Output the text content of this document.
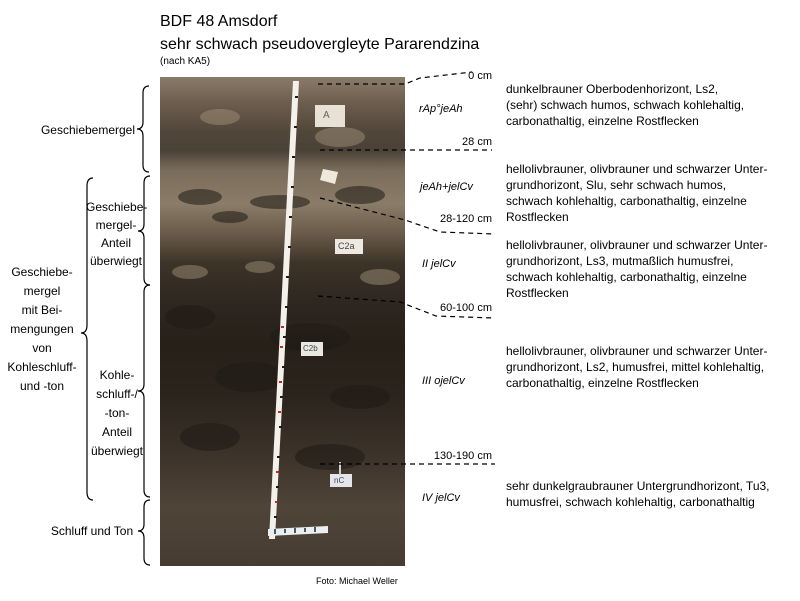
BDF 48 Amsdorf
sehr schwach pseudovergleyte Pararendzina
(nach KA5)
A
C2a
C2b
nC
Geschiebemergel
Geschiebe-
mergel-
Anteil
überwiegt
Geschiebe-
mergel
mit Bei-
mengungen
von
Kohleschluff-
und -ton
Kohle-
schluff-/
-ton-
Anteil
überwiegt
Schluff und Ton
0 cm
28 cm
28-120 cm
60-100 cm
130-190 cm
rAp°jeAh
jeAh+jelCv
II jelCv
III ojelCv
IV jelCv
dunkelbrauner Oberbodenhorizont, Ls2,
(sehr) schwach humos, schwach kohlehaltig,
carbonathaltig, einzelne Rostflecken
hellolivbrauner, olivbrauner und schwarzer Unter-
grundhorizont, Slu, sehr schwach humos,
schwach kohlehaltig, carbonathaltig, einzelne
Rostflecken
hellolivbrauner, olivbrauner und schwarzer Unter-
grundhorizont, Ls3, mutmaßlich humusfrei,
schwach kohlehaltig, carbonathaltig, einzelne
Rostflecken
hellolivbrauner, olivbrauner und schwarzer Unter-
grundhorizont, Ls2, humusfrei, mittel kohlehaltig,
carbonathaltig, einzelne Rostflecken
sehr dunkelgraubrauner Untergrundhorizont, Tu3,
humusfrei, schwach kohlehaltig, carbonathaltig
Foto: Michael Weller
